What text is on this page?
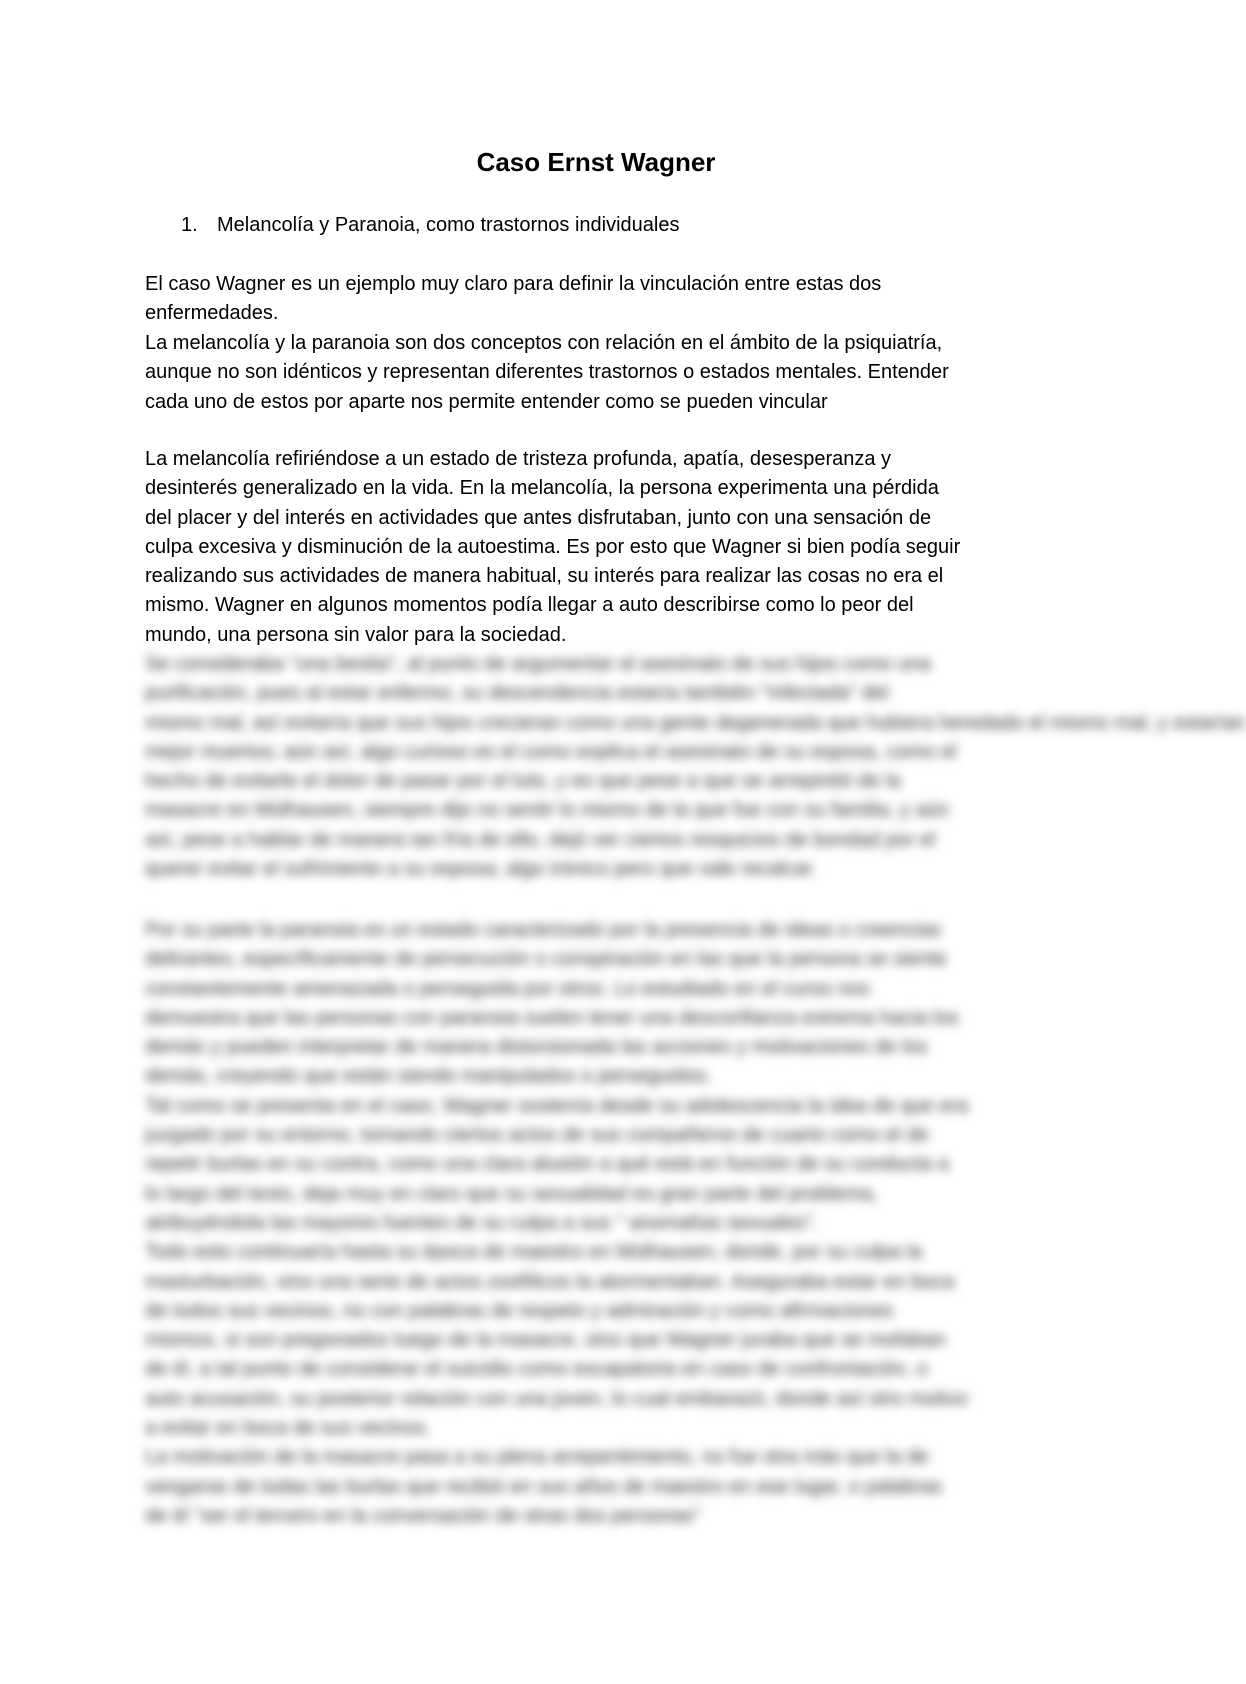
Caso Ernst Wagner
1. Melancolía y Paranoia, como trastornos individuales
El caso Wagner es un ejemplo muy claro para definir la vinculación entre estas dos
enfermedades.
La melancolía y la paranoia son dos conceptos con relación en el ámbito de la psiquiatría,
aunque no son idénticos y representan diferentes trastornos o estados mentales. Entender
cada uno de estos por aparte nos permite entender como se pueden vincular
La melancolía refiriéndose a un estado de tristeza profunda, apatía, desesperanza y
desinterés generalizado en la vida. En la melancolía, la persona experimenta una pérdida
del placer y del interés en actividades que antes disfrutaban, junto con una sensación de
culpa excesiva y disminución de la autoestima. Es por esto que Wagner si bien podía seguir
realizando sus actividades de manera habitual, su interés para realizar las cosas no era el
mismo. Wagner en algunos momentos podía llegar a auto describirse como lo peor del
mundo, una persona sin valor para la sociedad.
Se consideraba "una bestia", al punto de argumentar el asesinato de sus hijos como una
purificación, pues al estar enfermo, su descendencia estaría también "infectada" del
mismo mal, así evitaría que sus hijos crecieran como una gente degenerada que hubiera heredado el mismo mal, y estarían
mejor muertos; aún así, algo curioso es el como explica el asesinato de su esposa, como el
hecho de evitarle el dolor de pasar por el luto, y es que pese a que se arrepintió de la
masacre en Mülhausen, siempre dijo no sentir lo mismo de la que fue con su familia, y aún
así, pese a hablar de manera tan fría de ello, dejó ver ciertos resquicios de bondad por el
querer evitar el sufrimiento a su esposa; algo irónico pero que vale recalcar.
Por su parte la paranoia es un estado caracterizado por la presencia de ideas o creencias
delirantes, específicamente de persecución o conspiración en las que la persona se siente
constantemente amenazada o perseguida por otros. Lo estudiado en el curso nos
demuestra que las personas con paranoia suelen tener una desconfianza extrema hacia los
demás y pueden interpretar de manera distorsionada las acciones y motivaciones de los
demás, creyendo que están siendo manipulados o perseguidos.
Tal como se presenta en el caso, Wagner sostenía desde su adolescencia la idea de que era
juzgado por su entorno, tomando ciertos actos de sus compañeros de cuarto como el de
repetir burlas en su contra, como una clara alusión a qué está en función de su conducta a
lo largo del texto, deja muy en claro que su sexualidad es gran parte del problema,
atribuyéndola las mayores fuentes de su culpa a sus " anomalías sexuales".
Todo esto continuaría hasta su época de maestro en Mülhausen, donde, por su culpa la
masturbación, vino una serie de actos zoofílicos la atormentaban. Aseguraba estar en boca
de todos sus vecinos, no con palabras de respeto y admiración y como afirmaciones
mismos, si son pregonados luego de la masacre, sino que Wagner juraba que se mofaban
de él, a tal punto de considerar el suicidio como escapatoria en caso de confrontación, o
auto acusación, su posterior relación con una joven, lo cual embarazó, donde así otro motivo
a evitar en boca de sus vecinos.
La motivación de la masacre pasa a su plena arrepentimiento, no fue otra más que la de
vengarse de todas las burlas que recibió en sus años de maestro en ese lugar, o palabras
de él "ser el tercero en la conversación de otras dos personas"
